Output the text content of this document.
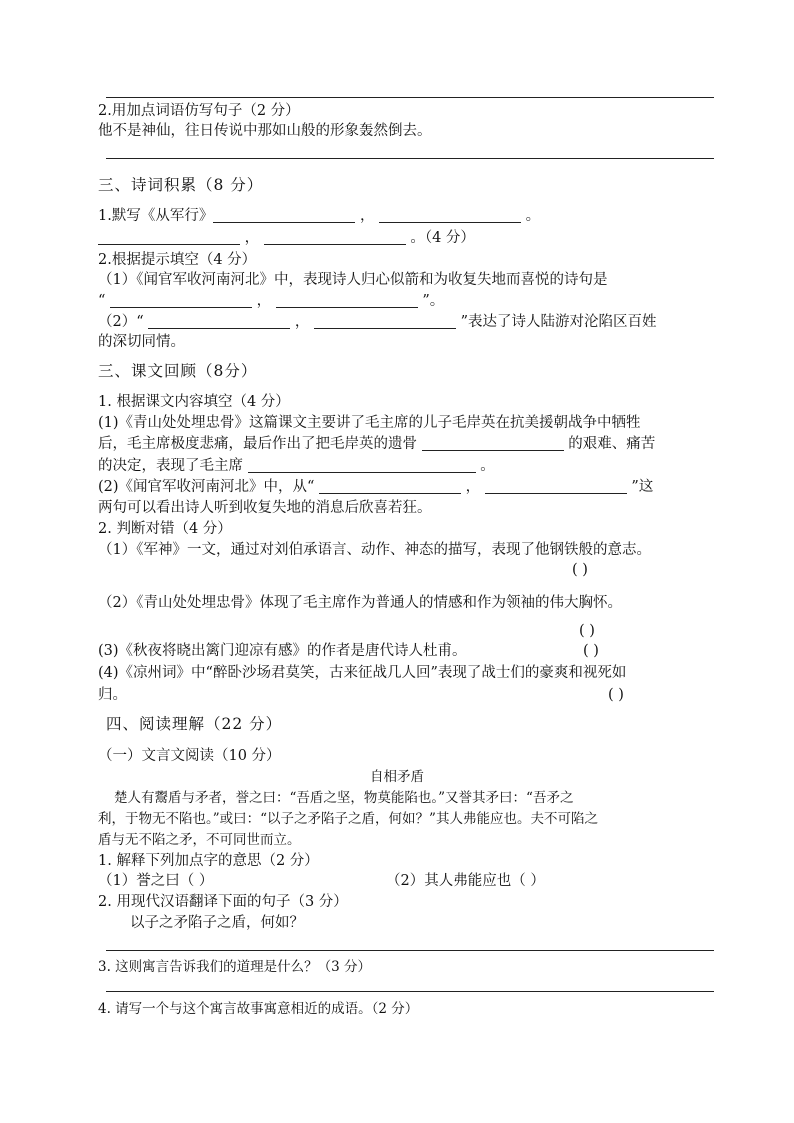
2.用加点词语仿写句子（2 分）
他不是神仙，往日传说中那如山般的形象轰然倒去。
三、诗词积累（8 分）
1.默写《从军行》	，	。
，	。（4 分）
2.根据提示填空（4 分）
（1）《闻官军收河南河北》中，表现诗人归心似箭和为收复失地而喜悦的诗句是
“	，	”。
（2）“	，	”表达了诗人陆游对沦陷区百姓
的深切同情。
三、课文回顾（8分）
1. 根据课文内容填空（4 分）
(1)《青山处处埋忠骨》这篇课文主要讲了毛主席的儿子毛岸英在抗美援朝战争中牺牲
后，毛主席极度悲痛，最后作出了把毛岸英的遗骨	的艰难、痛苦
的决定，表现了毛主席	。
(2)《闻官军收河南河北》中，从“	，	”这
两句可以看出诗人听到收复失地的消息后欣喜若狂。
2. 判断对错（4 分）
（1）《军神》一文，通过对刘伯承语言、动作、神态的描写，表现了他钢铁般的意志。
( )
（2）《青山处处埋忠骨》体现了毛主席作为普通人的情感和作为领袖的伟大胸怀。
( )
(3)《秋夜将晓出篱门迎凉有感》的作者是唐代诗人杜甫。	( )
(4)《凉州词》中“醉卧沙场君莫笑，古来征战几人回”表现了战士们的豪爽和视死如
归。	( )
四、阅读理解（22 分）
（一）文言文阅读（10 分）
自相矛盾
楚人有鬻盾与矛者，誉之曰：“吾盾之坚，物莫能陷也。”又誉其矛曰：“吾矛之
利，于物无不陷也。”或曰：“以子之矛陷子之盾，何如？”其人弗能应也。夫不可陷之
盾与无不陷之矛，不可同世而立。
1. 解释下列加点字的意思（2 分）
（1）誉之曰（ ）	（2）其人弗能应也（ ）
2. 用现代汉语翻译下面的句子（3 分）
以子之矛陷子之盾，何如？
3. 这则寓言告诉我们的道理是什么？（3 分）
4. 请写一个与这个寓言故事寓意相近的成语。（2 分）
